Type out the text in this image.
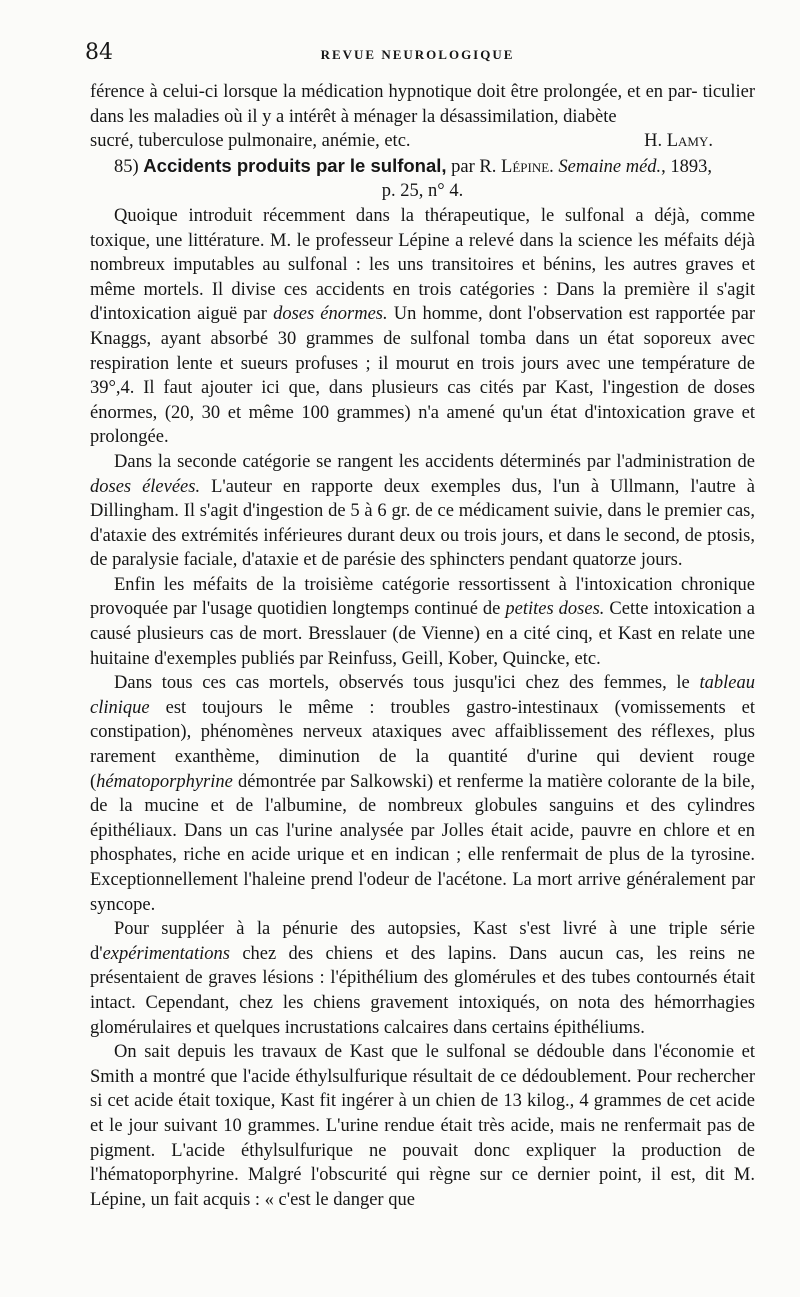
84	REVUE NEUROLOGIQUE

férence à celui-ci lorsque la médication hypnotique doit être prolongée, et en par- ticulier dans les maladies où il y a intérêt à ménager la désassimilation, diabète

sucré, tuberculose pulmonaire, anémie, etc.	H. Lamy.

85) Accidents produits par le sulfonal, par R. Lépine. Semaine méd., 1893,

p. 25, n° 4.

Quoique introduit récemment dans la thérapeutique, le sulfonal a déjà, comme toxique, une littérature. M. le professeur Lépine a relevé dans la science les méfaits déjà nombreux imputables au sulfonal : les uns transitoires et bénins, les autres graves et même mortels. Il divise ces accidents en trois catégories : Dans la première il s'agit d'intoxication aiguë par doses énormes. Un homme, dont l'observation est rapportée par Knaggs, ayant absorbé 30 grammes de sulfonal tomba dans un état soporeux avec respiration lente et sueurs profuses ; il mourut en trois jours avec une température de 39°,4. Il faut ajouter ici que, dans plusieurs cas cités par Kast, l'ingestion de doses énormes, (20, 30 et même 100 grammes) n'a amené qu'un état d'intoxication grave et prolongée.

Dans la seconde catégorie se rangent les accidents déterminés par l'administration de doses élevées. L'auteur en rapporte deux exemples dus, l'un à Ullmann, l'autre à Dillingham. Il s'agit d'ingestion de 5 à 6 gr. de ce médicament suivie, dans le premier cas, d'ataxie des extrémités inférieures durant deux ou trois jours, et dans le second, de ptosis, de paralysie faciale, d'ataxie et de parésie des sphincters pendant quatorze jours.

Enfin les méfaits de la troisième catégorie ressortissent à l'intoxication chronique provoquée par l'usage quotidien longtemps continué de petites doses. Cette intoxication a causé plusieurs cas de mort. Bresslauer (de Vienne) en a cité cinq, et Kast en relate une huitaine d'exemples publiés par Reinfuss, Geill, Kober, Quincke, etc.

Dans tous ces cas mortels, observés tous jusqu'ici chez des femmes, le tableau clinique est toujours le même : troubles gastro-intestinaux (vomissements et constipation), phénomènes nerveux ataxiques avec affaiblissement des réflexes, plus rarement exanthème, diminution de la quantité d'urine qui devient rouge (hématoporphyrine démontrée par Salkowski) et renferme la matière colorante de la bile, de la mucine et de l'albumine, de nombreux globules sanguins et des cylindres épithéliaux. Dans un cas l'urine analysée par Jolles était acide, pauvre en chlore et en phosphates, riche en acide urique et en indican ; elle renfermait de plus de la tyrosine. Exceptionnellement l'haleine prend l'odeur de l'acétone. La mort arrive généralement par syncope.

Pour suppléer à la pénurie des autopsies, Kast s'est livré à une triple série d'expérimentations chez des chiens et des lapins. Dans aucun cas, les reins ne présentaient de graves lésions : l'épithélium des glomérules et des tubes contournés était intact. Cependant, chez les chiens gravement intoxiqués, on nota des hémorrhagies glomérulaires et quelques incrustations calcaires dans certains épithéliums.

On sait depuis les travaux de Kast que le sulfonal se dédouble dans l'économie et Smith a montré que l'acide éthylsulfurique résultait de ce dédoublement. Pour rechercher si cet acide était toxique, Kast fit ingérer à un chien de 13 kilog., 4 grammes de cet acide et le jour suivant 10 grammes. L'urine rendue était très acide, mais ne renfermait pas de pigment. L'acide éthylsulfurique ne pouvait donc expliquer la production de l'hématoporphyrine. Malgré l'obscurité qui règne sur ce dernier point, il est, dit M. Lépine, un fait acquis : « c'est le danger que
